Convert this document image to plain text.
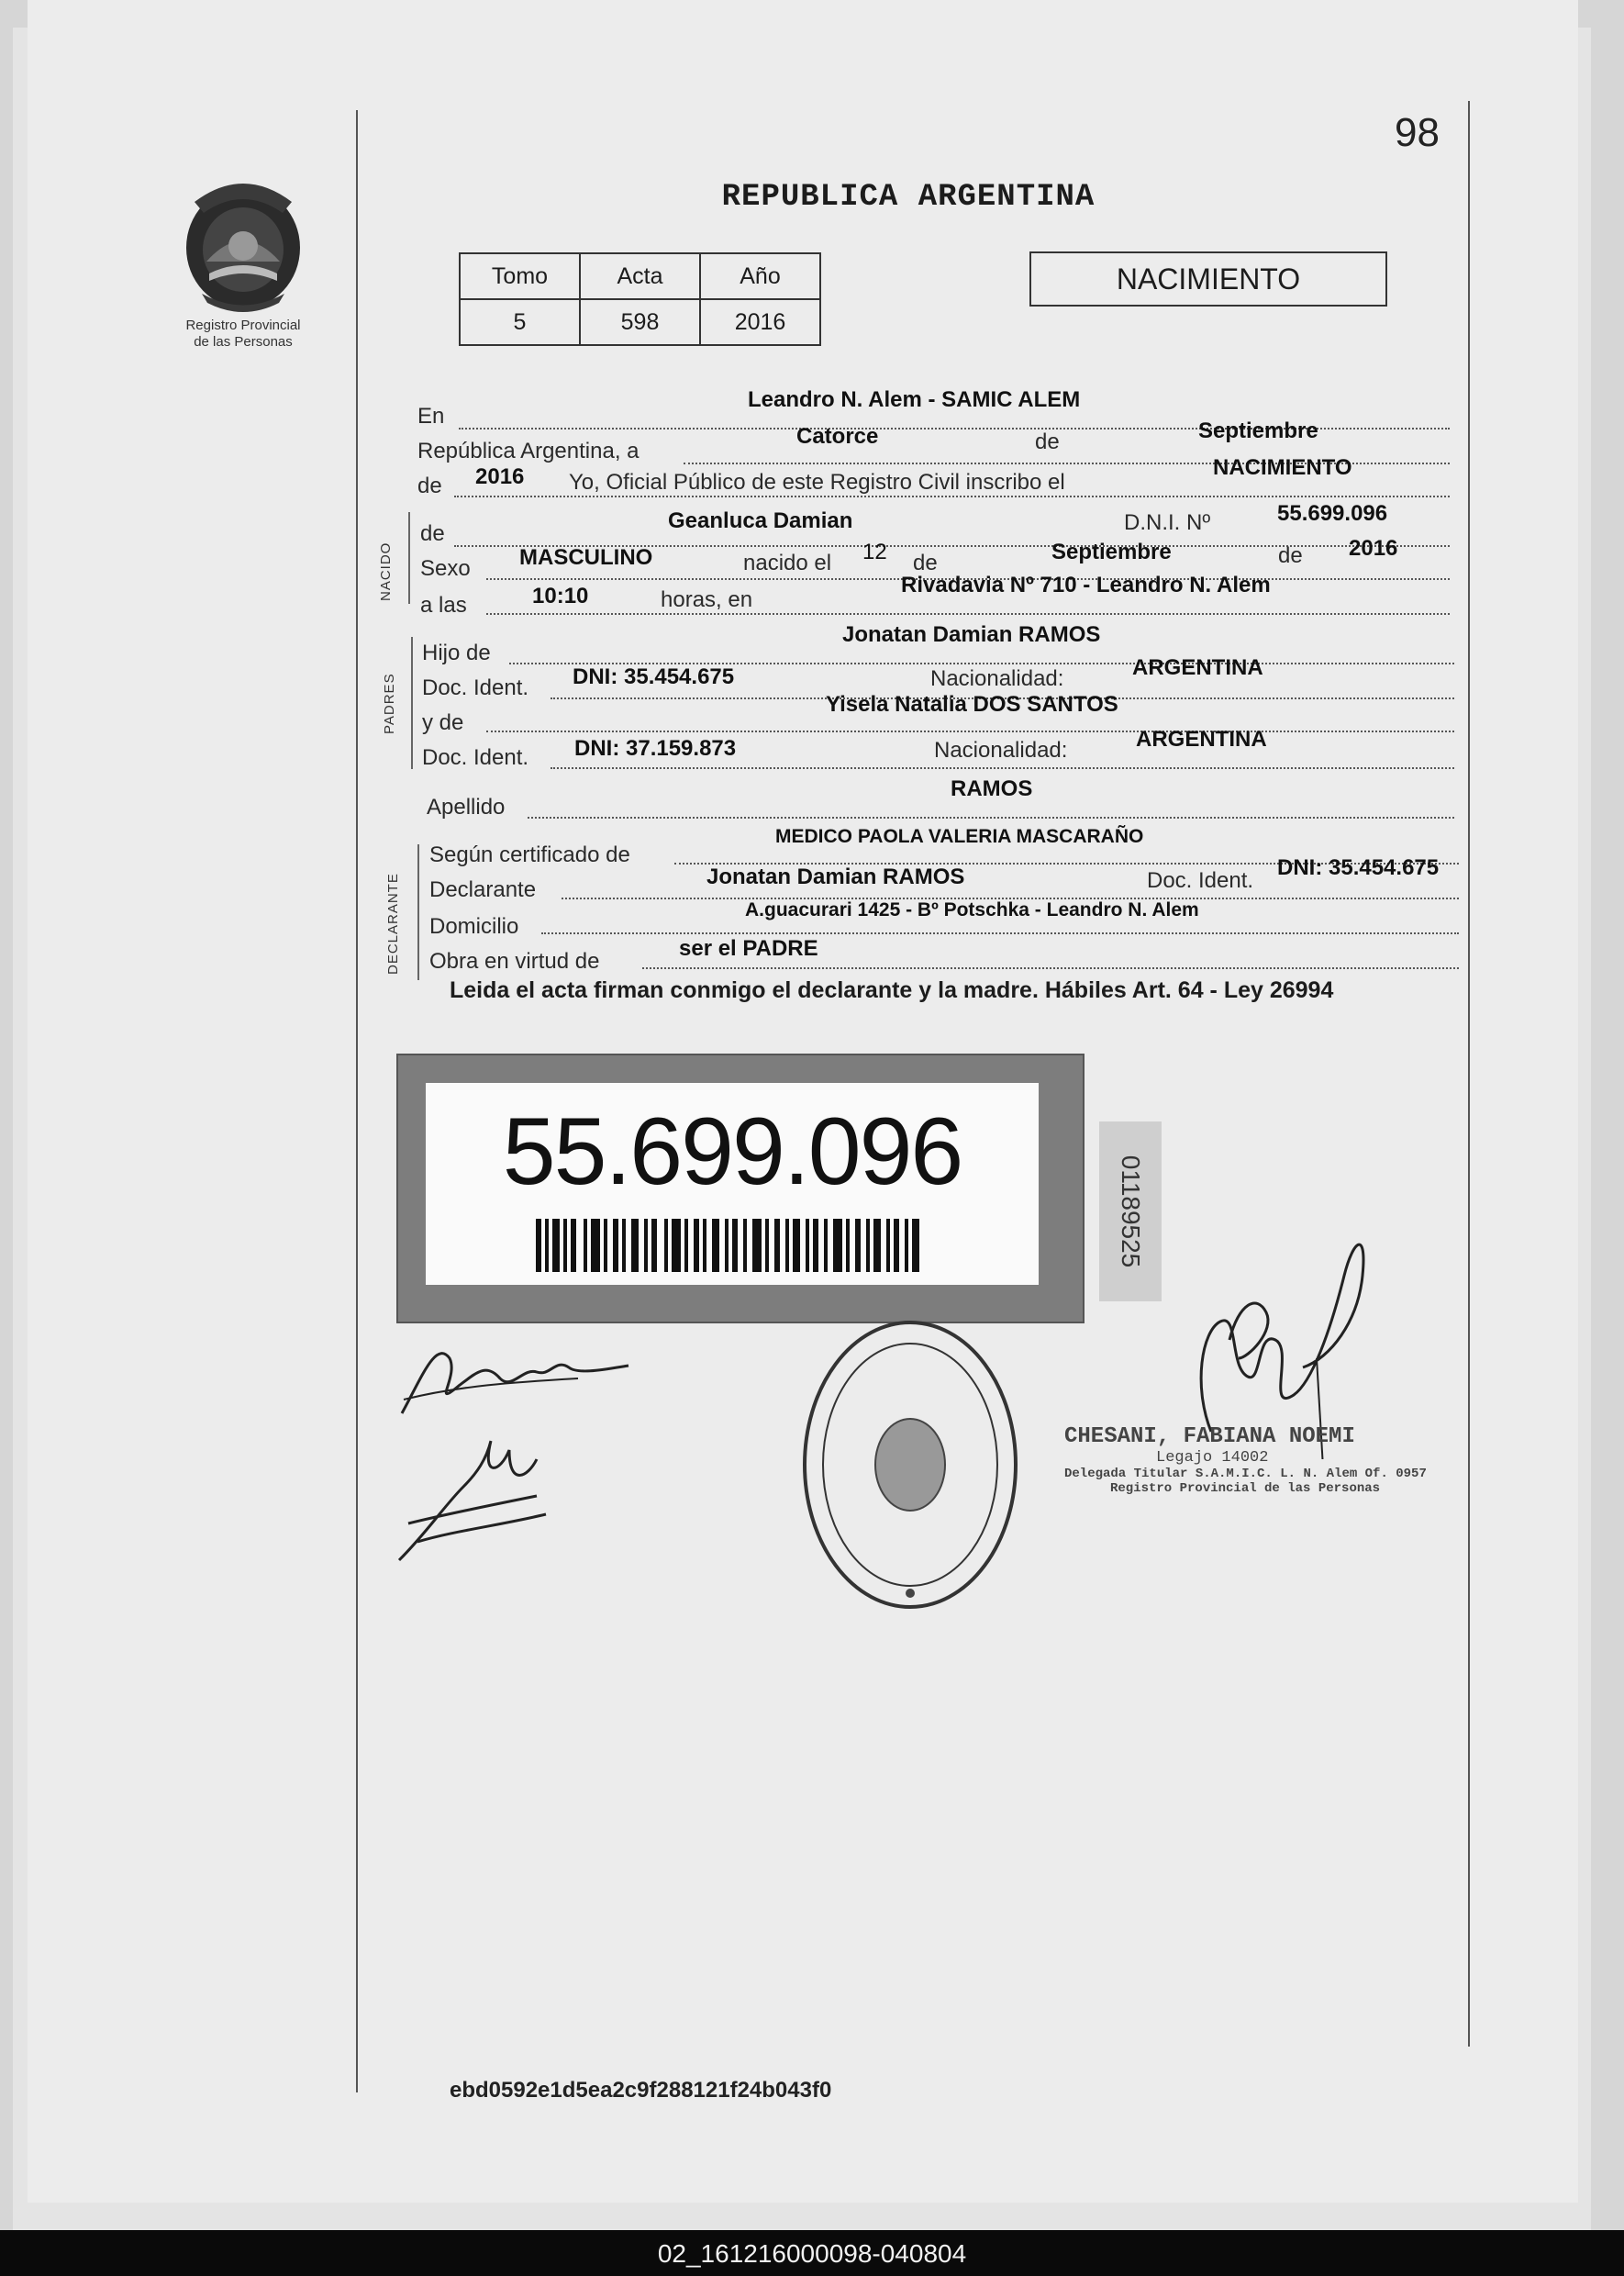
98
Registro Provincial
de las Personas
REPUBLICA ARGENTINA
Tomo	Acta	Año
5	598	2016
NACIMIENTO
En
Leandro N. Alem - SAMIC ALEM
República Argentina, a
Catorce	de	Septiembre
de 2016 Yo, Oficial Público de este Registro Civil inscribo el
NACIMIENTO
NACIDO
de
Geanluca Damian	D.N.I. Nº	55.699.096
Sexo MASCULINO	nacido el 12 de	Septiembre	de 2016
a las	10:10	horas, en
Rivadavia Nº 710 - Leandro N. Alem
PADRES
Hijo de
Jonatan Damian RAMOS
Doc. Ident. DNI: 35.454.675	Nacionalidad:	ARGENTINA
y de
Yisela Natalia DOS SANTOS
Doc. Ident. DNI: 37.159.873	Nacionalidad:	ARGENTINA
Apellido
RAMOS
DECLARANTE
Según certificado de
MEDICO PAOLA VALERIA MASCARAÑO
Declarante
Jonatan Damian RAMOS	Doc. Ident.
DNI: 35.454.675
Domicilio
A.guacurari 1425 - Bº Potschka - Leandro N. Alem
Obra en virtud de
ser el PADRE
Leida el acta firman conmigo el declarante y la madre. Hábiles Art. 64 - Ley 26994
55.699.096
01189525
CHESANI, FABIANA NOEMI
Legajo 14002
Delegada Titular S.A.M.I.C. L. N. Alem Of. 0957
Registro Provincial de las Personas
ebd0592e1d5ea2c9f288121f24b043f0
02_161216000098-040804
